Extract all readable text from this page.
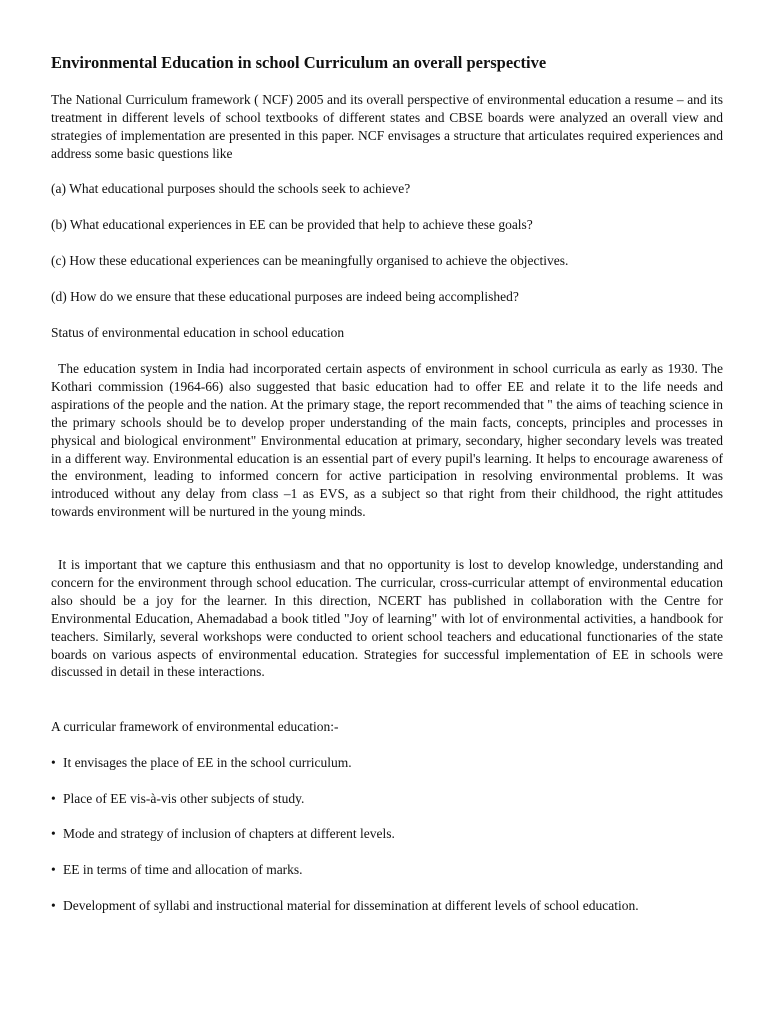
Environmental Education in school Curriculum an overall perspective

The National Curriculum framework ( NCF) 2005 and its overall perspective of environmental education a resume – and its treatment in different levels of school textbooks of different states and CBSE boards were analyzed an overall view and strategies of implementation are presented in this paper. NCF envisages a structure that articulates required experiences and address some basic questions like

(a) What educational purposes should the schools seek to achieve?

(b) What educational experiences in EE can be provided that help to achieve these goals?

(c) How these educational experiences can be meaningfully organised to achieve the objectives.

(d) How do we ensure that these educational purposes are indeed being accomplished?

Status of environmental education in school education

The education system in India had incorporated certain aspects of environment in school curricula as early as 1930. The Kothari commission (1964-66) also suggested that basic education had to offer EE and relate it to the life needs and aspirations of the people and the nation. At the primary stage, the report recommended that " the aims of teaching science in the primary schools should be to develop proper understanding of the main facts, concepts, principles and processes in physical and biological environment" Environmental education at primary, secondary, higher secondary levels was treated in a different way. Environmental education is an essential part of every pupil's learning. It helps to encourage awareness of the environment, leading to informed concern for active participation in resolving environmental problems. It was introduced without any delay from class –1 as EVS, as a subject so that right from their childhood, the right attitudes towards environment will be nurtured in the young minds.

It is important that we capture this enthusiasm and that no opportunity is lost to develop knowledge, understanding and concern for the environment through school education. The curricular, cross-curricular attempt of environmental education also should be a joy for the learner. In this direction, NCERT has published in collaboration with the Centre for Environmental Education, Ahemadabad a book titled "Joy of learning" with lot of environmental activities, a handbook for teachers. Similarly, several workshops were conducted to orient school teachers and educational functionaries of the state boards on various aspects of environmental education. Strategies for successful implementation of EE in schools were discussed in detail in these interactions.

A curricular framework of environmental education:-

• It envisages the place of EE in the school curriculum.
• Place of EE vis-à-vis other subjects of study.
• Mode and strategy of inclusion of chapters at different levels.
• EE in terms of time and allocation of marks.
• Development of syllabi and instructional material for dissemination at different levels of school education.
